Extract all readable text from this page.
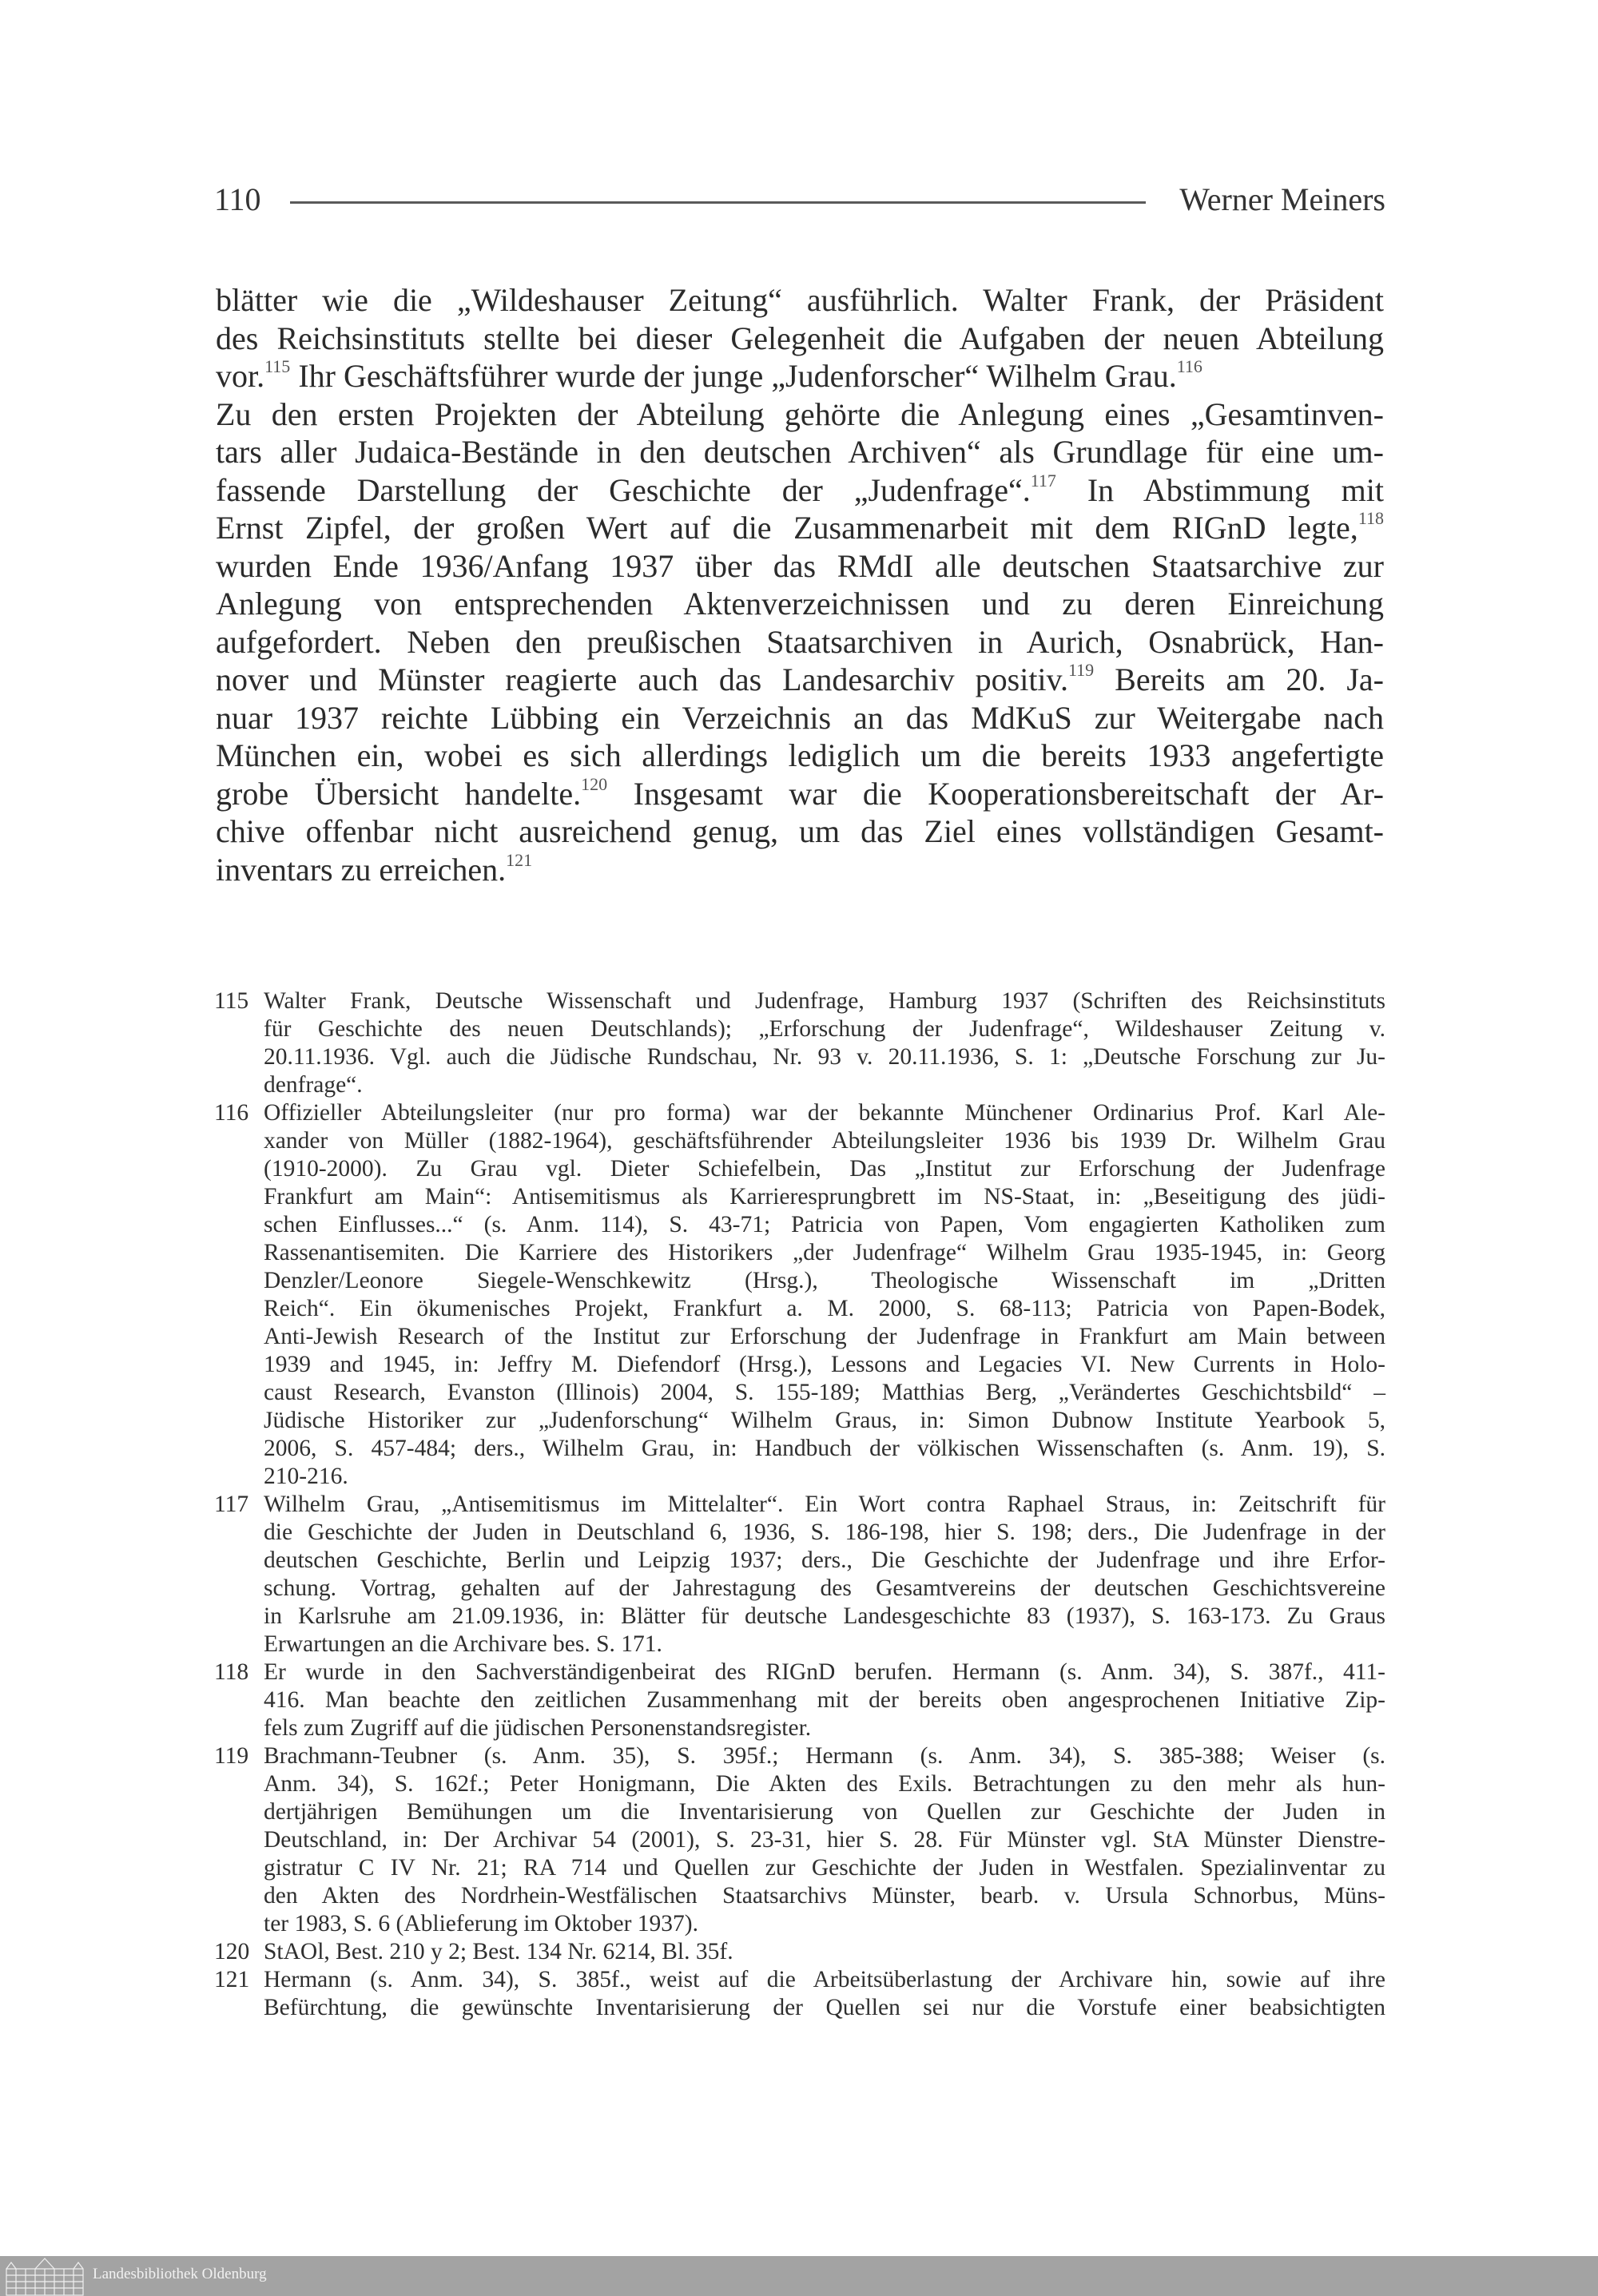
110	Werner Meiners
blätter wie die „Wildeshauser Zeitung“ ausführlich. Walter Frank, der Präsident
des Reichsinstituts stellte bei dieser Gelegenheit die Aufgaben der neuen Abteilung
vor.$^{115}$ Ihr Geschäftsführer wurde der junge „Judenforscher“ Wilhelm Grau.$^{116}$
Zu den ersten Projekten der Abteilung gehörte die Anlegung eines „Gesamtinven-
tars aller Judaica-Bestände in den deutschen Archiven“ als Grundlage für eine um-
fassende Darstellung der Geschichte der „Judenfrage“.$^{117}$ In Abstimmung mit
Ernst Zipfel, der großen Wert auf die Zusammenarbeit mit dem RIGnD legte,$^{118}$
wurden Ende 1936/Anfang 1937 über das RMdI alle deutschen Staatsarchive zur
Anlegung von entsprechenden Aktenverzeichnissen und zu deren Einreichung
aufgefordert. Neben den preußischen Staatsarchiven in Aurich, Osnabrück, Han-
nover und Münster reagierte auch das Landesarchiv positiv.$^{119}$ Bereits am 20. Ja-
nuar 1937 reichte Lübbing ein Verzeichnis an das MdKuS zur Weitergabe nach
München ein, wobei es sich allerdings lediglich um die bereits 1933 angefertigte
grobe Übersicht handelte.$^{120}$ Insgesamt war die Kooperationsbereitschaft der Ar-
chive offenbar nicht ausreichend genug, um das Ziel eines vollständigen Gesamt-
inventars zu erreichen.$^{121}$
115 Walter Frank, Deutsche Wissenschaft und Judenfrage, Hamburg 1937 (Schriften des Reichsinstituts
für Geschichte des neuen Deutschlands); „Erforschung der Judenfrage“, Wildeshauser Zeitung v.
20.11.1936. Vgl. auch die Jüdische Rundschau, Nr. 93 v. 20.11.1936, S. 1: „Deutsche Forschung zur Ju-
denfrage“.
116 Offizieller Abteilungsleiter (nur pro forma) war der bekannte Münchener Ordinarius Prof. Karl Ale-
xander von Müller (1882-1964), geschäftsführender Abteilungsleiter 1936 bis 1939 Dr. Wilhelm Grau
(1910-2000). Zu Grau vgl. Dieter Schiefelbein, Das „Institut zur Erforschung der Judenfrage
Frankfurt am Main“: Antisemitismus als Karrieresprungbrett im NS-Staat, in: „Beseitigung des jüdi-
schen Einflusses...“ (s. Anm. 114), S. 43-71; Patricia von Papen, Vom engagierten Katholiken zum
Rassenantisemiten. Die Karriere des Historikers „der Judenfrage“ Wilhelm Grau 1935-1945, in: Georg
Denzler/Leonore Siegele-Wenschkewitz (Hrsg.), Theologische Wissenschaft im „Dritten
Reich“. Ein ökumenisches Projekt, Frankfurt a. M. 2000, S. 68-113; Patricia von Papen-Bodek,
Anti-Jewish Research of the Institut zur Erforschung der Judenfrage in Frankfurt am Main between
1939 and 1945, in: Jeffry M. Diefendorf (Hrsg.), Lessons and Legacies VI. New Currents in Holo-
caust Research, Evanston (Illinois) 2004, S. 155-189; Matthias Berg, „Verändertes Geschichtsbild“ –
Jüdische Historiker zur „Judenforschung“ Wilhelm Graus, in: Simon Dubnow Institute Yearbook 5,
2006, S. 457-484; ders., Wilhelm Grau, in: Handbuch der völkischen Wissenschaften (s. Anm. 19), S.
210-216.
117 Wilhelm Grau, „Antisemitismus im Mittelalter“. Ein Wort contra Raphael Straus, in: Zeitschrift für
die Geschichte der Juden in Deutschland 6, 1936, S. 186-198, hier S. 198; ders., Die Judenfrage in der
deutschen Geschichte, Berlin und Leipzig 1937; ders., Die Geschichte der Judenfrage und ihre Erfor-
schung. Vortrag, gehalten auf der Jahrestagung des Gesamtvereins der deutschen Geschichtsvereine
in Karlsruhe am 21.09.1936, in: Blätter für deutsche Landesgeschichte 83 (1937), S. 163-173. Zu Graus
Erwartungen an die Archivare bes. S. 171.
118 Er wurde in den Sachverständigenbeirat des RIGnD berufen. Hermann (s. Anm. 34), S. 387f., 411-
416. Man beachte den zeitlichen Zusammenhang mit der bereits oben angesprochenen Initiative Zip-
fels zum Zugriff auf die jüdischen Personenstandsregister.
119 Brachmann-Teubner (s. Anm. 35), S. 395f.; Hermann (s. Anm. 34), S. 385-388; Weiser (s.
Anm. 34), S. 162f.; Peter Honigmann, Die Akten des Exils. Betrachtungen zu den mehr als hun-
dertjährigen Bemühungen um die Inventarisierung von Quellen zur Geschichte der Juden in
Deutschland, in: Der Archivar 54 (2001), S. 23-31, hier S. 28. Für Münster vgl. StA Münster Dienstre-
gistratur C IV Nr. 21; RA 714 und Quellen zur Geschichte der Juden in Westfalen. Spezialinventar zu
den Akten des Nordrhein-Westfälischen Staatsarchivs Münster, bearb. v. Ursula Schnorbus, Müns-
ter 1983, S. 6 (Ablieferung im Oktober 1937).
120 StAOl, Best. 210 y 2; Best. 134 Nr. 6214, Bl. 35f.
121 Hermann (s. Anm. 34), S. 385f., weist auf die Arbeitsüberlastung der Archivare hin, sowie auf ihre
Befürchtung, die gewünschte Inventarisierung der Quellen sei nur die Vorstufe einer beabsichtigten
Landesbibliothek Oldenburg
